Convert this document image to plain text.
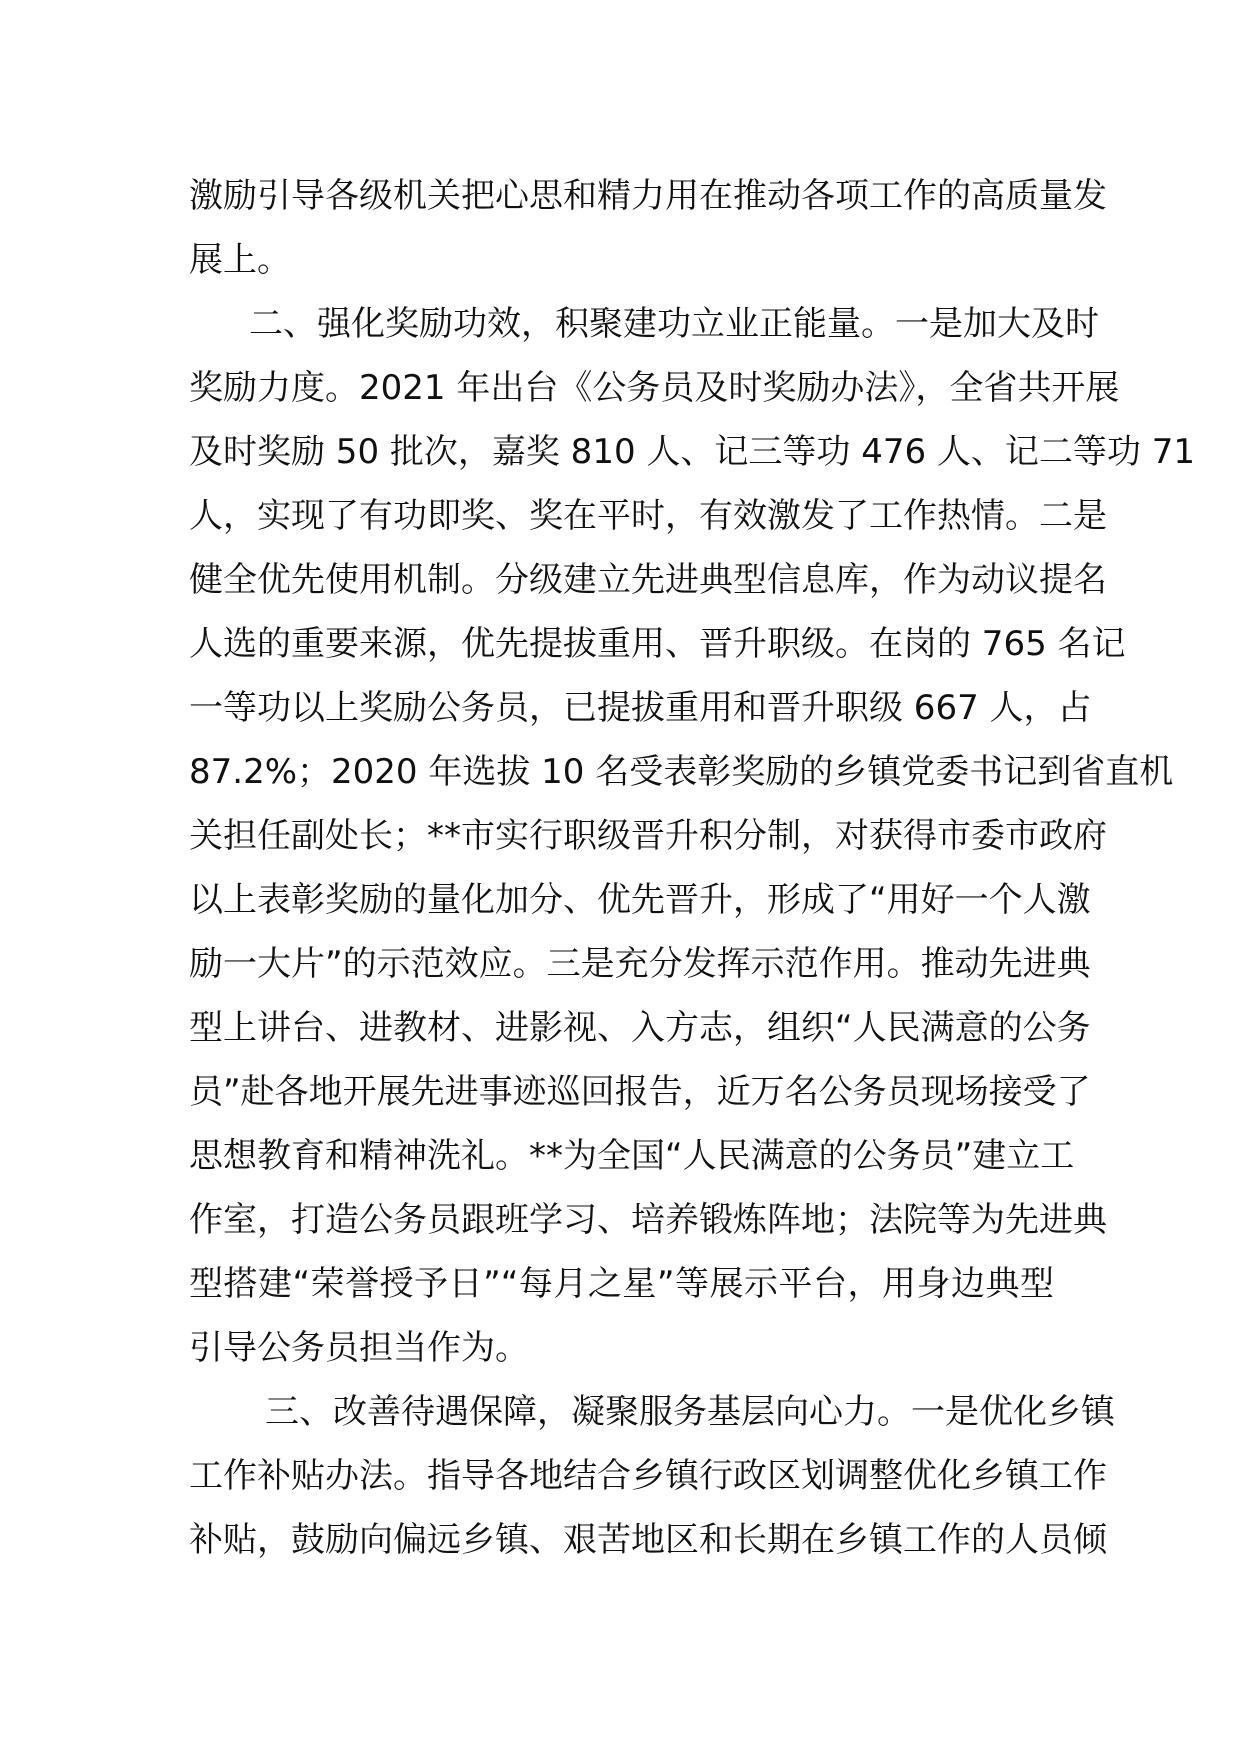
激励引导各级机关把心思和精力用在推动各项工作的高质量发
展上。
二、强化奖励功效，积聚建功立业正能量。一是加大及时
奖励力度。2021 年出台《公务员及时奖励办法》，全省共开展
及时奖励 50 批次，嘉奖 810 人、记三等功 476 人、记二等功 71
人，实现了有功即奖、奖在平时，有效激发了工作热情。二是
健全优先使用机制。分级建立先进典型信息库，作为动议提名
人选的重要来源，优先提拔重用、晋升职级。在岗的 765 名记
一等功以上奖励公务员，已提拔重用和晋升职级 667 人，占
87.2%；2020 年选拔 10 名受表彰奖励的乡镇党委书记到省直机
关担任副处长；**市实行职级晋升积分制，对获得市委市政府
以上表彰奖励的量化加分、优先晋升，形成了“用好一个人激
励一大片”的示范效应。三是充分发挥示范作用。推动先进典
型上讲台、进教材、进影视、入方志，组织“人民满意的公务
员”赴各地开展先进事迹巡回报告，近万名公务员现场接受了
思想教育和精神洗礼。**为全国“人民满意的公务员”建立工
作室，打造公务员跟班学习、培养锻炼阵地；法院等为先进典
型搭建“荣誉授予日”“每月之星”等展示平台，用身边典型
引导公务员担当作为。
三、改善待遇保障，凝聚服务基层向心力。一是优化乡镇
工作补贴办法。指导各地结合乡镇行政区划调整优化乡镇工作
补贴，鼓励向偏远乡镇、艰苦地区和长期在乡镇工作的人员倾
